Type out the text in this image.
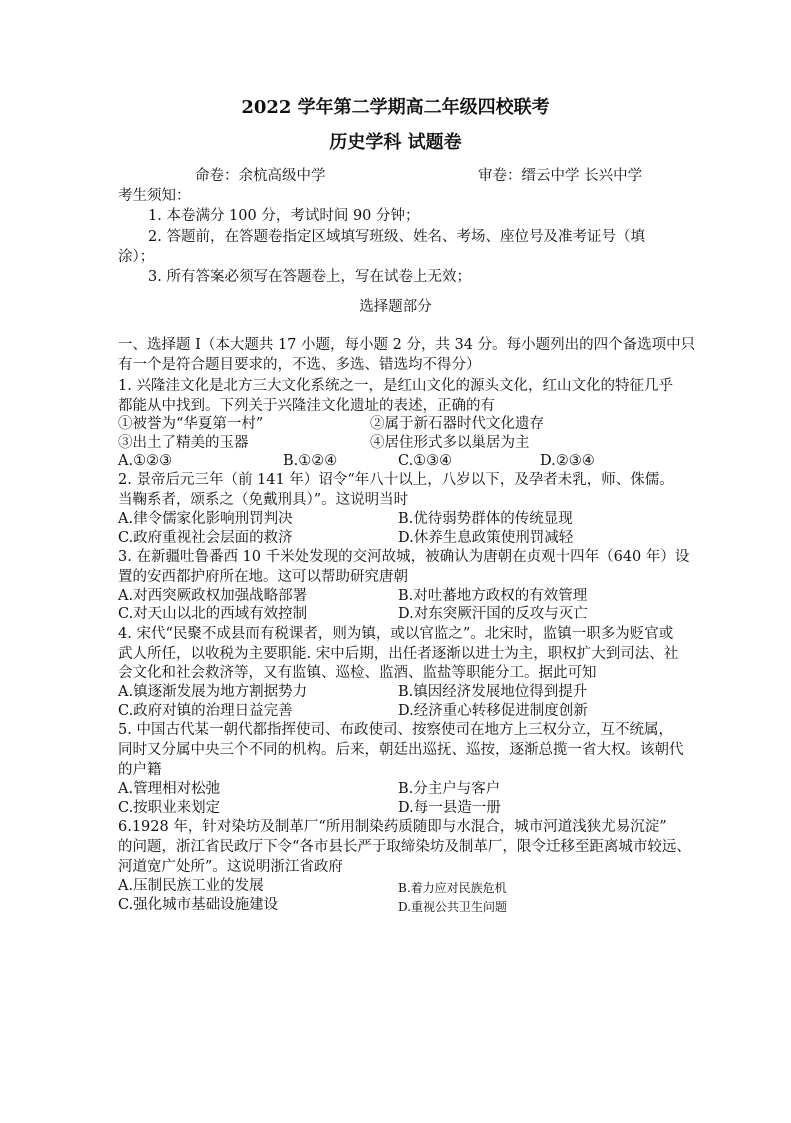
2022 学年第二学期高二年级四校联考
历史学科 试题卷
命卷：余杭高级中学	审卷：缙云中学 长兴中学
考生须知：
1. 本卷满分 100 分，考试时间 90 分钟；
2. 答题前，在答题卷指定区域填写班级、姓名、考场、座位号及准考证号（填
涂）；
3. 所有答案必须写在答题卷上，写在试卷上无效；
选择题部分
一、选择题 I（本大题共 17 小题，每小题 2 分，共 34 分。每小题列出的四个备选项中只
有一个是符合题目要求的，不选、多选、错选均不得分）
1. 兴隆洼文化是北方三大文化系统之一，是红山文化的源头文化，红山文化的特征几乎
都能从中找到。下列关于兴隆洼文化遗址的表述，正确的有
①被誉为“华夏第一村”	②属于新石器时代文化遗存
③出土了精美的玉器	④居住形式多以巢居为主
A.①②③	B.①②④	C.①③④	D.②③④
2. 景帝后元三年（前 141 年）诏令“年八十以上，八岁以下，及孕者未乳，师、侏儒。
当鞠系者，颂系之（免戴刑具）”。这说明当时
A.律令儒家化影响刑罚判决	B.优待弱势群体的传统显现
C.政府重视社会层面的救济	D.休养生息政策使刑罚减轻
3. 在新疆吐鲁番西 10 千米处发现的交河故城，被确认为唐朝在贞观十四年（640 年）设
置的安西都护府所在地。这可以帮助研究唐朝
A.对西突厥政权加强战略部署	B.对吐蕃地方政权的有效管理
C.对天山以北的西域有效控制	D.对东突厥汗国的反攻与灭亡
4. 宋代“民聚不成县而有税课者，则为镇，或以官监之”。北宋时，监镇一职多为贬官或
武人所任，以收税为主要职能. 宋中后期，出任者逐渐以进士为主，职权扩大到司法、社
会文化和社会救济等，又有监镇、巡检、监酒、监盐等职能分工。据此可知
A.镇逐渐发展为地方割据势力	B.镇因经济发展地位得到提升
C.政府对镇的治理日益完善	D.经济重心转移促进制度创新
5. 中国古代某一朝代都指挥使司、布政使司、按察使司在地方上三权分立，互不统属，
同时又分属中央三个不同的机构。后来，朝廷出巡抚、巡按，逐渐总揽一省大权。该朝代
的户籍
A.管理相对松弛	B.分主户与客户
C.按职业来划定	D.每一县造一册
6.1928 年，针对染坊及制革厂“所用制染药质随即与水混合，城市河道浅狭尤易沉淀”
的问题，浙江省民政厅下令“各市县长严于取缔染坊及制革厂，限令迁移至距离城市较远、
河道宽广处所”。这说明浙江省政府
A.压制民族工业的发展	B.着力应对民族危机
C.强化城市基础设施建设	D.重视公共卫生问题
